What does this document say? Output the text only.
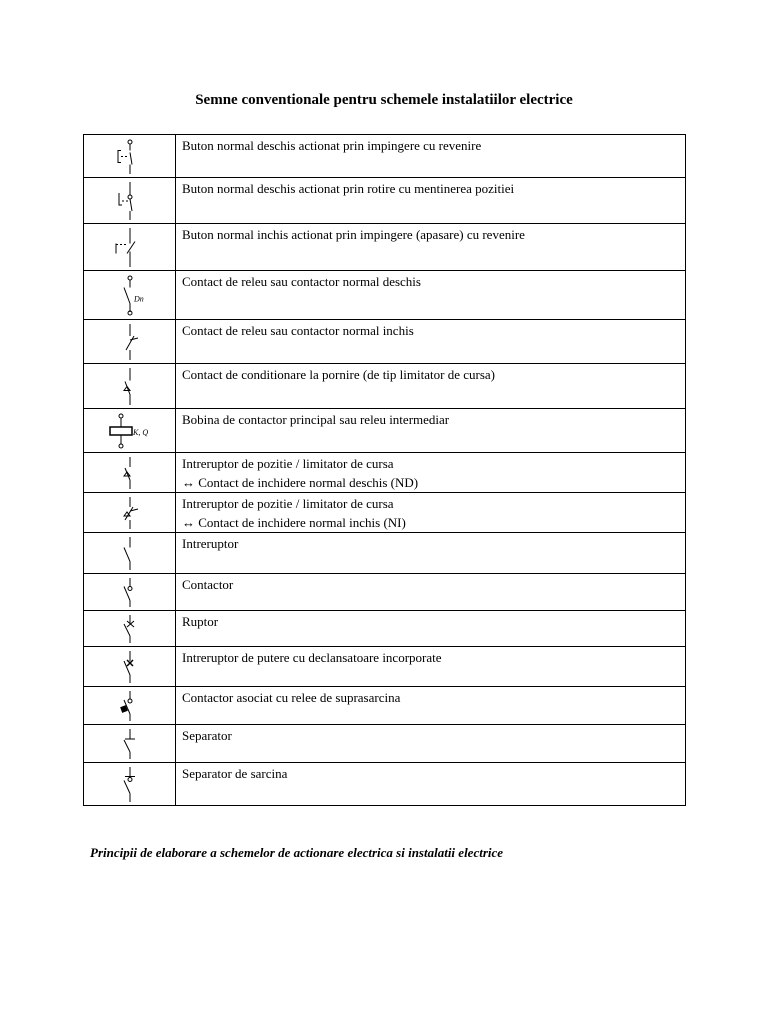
Semne conventionale pentru schemele instalatiilor electrice

Buton normal deschis actionat prin impingere cu revenire

Buton normal deschis actionat prin rotire cu mentinerea pozitiei

Buton normal inchis actionat prin impingere (apasare) cu revenire

Dn	Contact de releu sau contactor normal deschis

Contact de releu sau contactor normal inchis

Contact de conditionare la pornire (de tip limitator de cursa)

K, Q	Bobina de contactor principal sau releu intermediar

Intreruptor de pozitie / limitator de cursa
↔ Contact de inchidere normal deschis (ND)

Intreruptor de pozitie / limitator de cursa
↔ Contact de inchidere normal inchis (NI)

Intreruptor

Contactor

Ruptor

Intreruptor de putere cu declansatoare incorporate

Contactor asociat cu relee de suprasarcina

Separator

Separator de sarcina

Principii de elaborare a schemelor de actionare electrica si instalatii electrice
